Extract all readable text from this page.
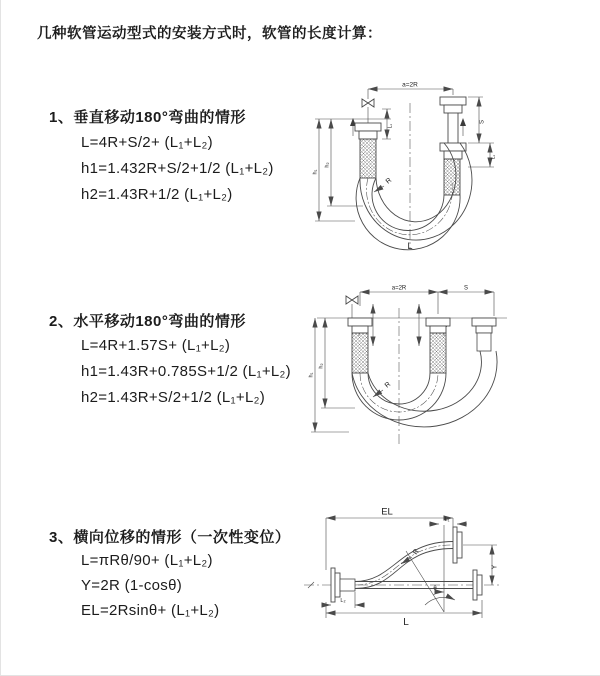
几种软管运动型式的安装方式时，软管的长度计算：
1、垂直移动180°弯曲的情形
L=4R+S/2+ (L₁+L₂)
h1=1.432R+S/2+1/2 (L₁+L₂)
h2=1.43R+1/2 (L₁+L₂)
2、水平移动180°弯曲的情形
L=4R+1.57S+ (L₁+L₂)
h1=1.43R+0.785S+1/2 (L₁+L₂)
h2=1.43R+S/2+1/2 (L₁+L₂)
3、横向位移的情形（一次性变位）
L=πRθ/90+ (L₁+L₂)
Y=2R (1-cosθ)
EL=2Rsinθ+ (L₁+L₂)
a=2R
R
h₁
h₂
S
L₁
L₁
L
a=2R	S
R
h₁
h₂
EL
L₁
θ
R
Y
L₂
L
